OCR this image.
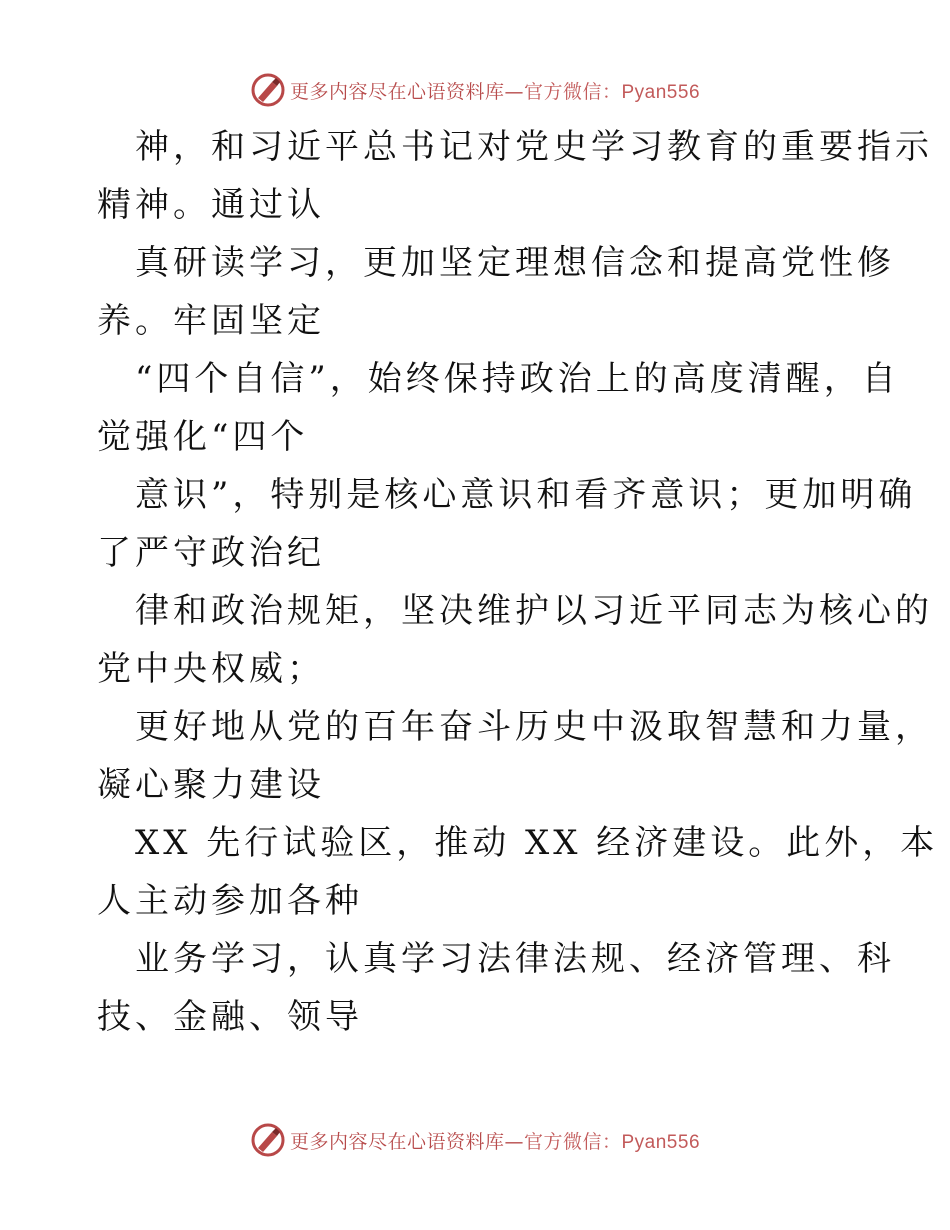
更多内容尽在心语资料库—官方微信：Pyan556
神，和习近平总书记对党史学习教育的重要指示
精神。通过认
真研读学习，更加坚定理想信念和提高党性修
养。牢固坚定
“四个自信”，始终保持政治上的高度清醒，自
觉强化“四个
意识”，特别是核心意识和看齐意识；更加明确
了严守政治纪
律和政治规矩，坚决维护以习近平同志为核心的
党中央权威；
更好地从党的百年奋斗历史中汲取智慧和力量，
凝心聚力建设
XX 先行试验区，推动 XX 经济建设。此外，本
人主动参加各种
业务学习，认真学习法律法规、经济管理、科
技、金融、领导
更多内容尽在心语资料库—官方微信：Pyan556
